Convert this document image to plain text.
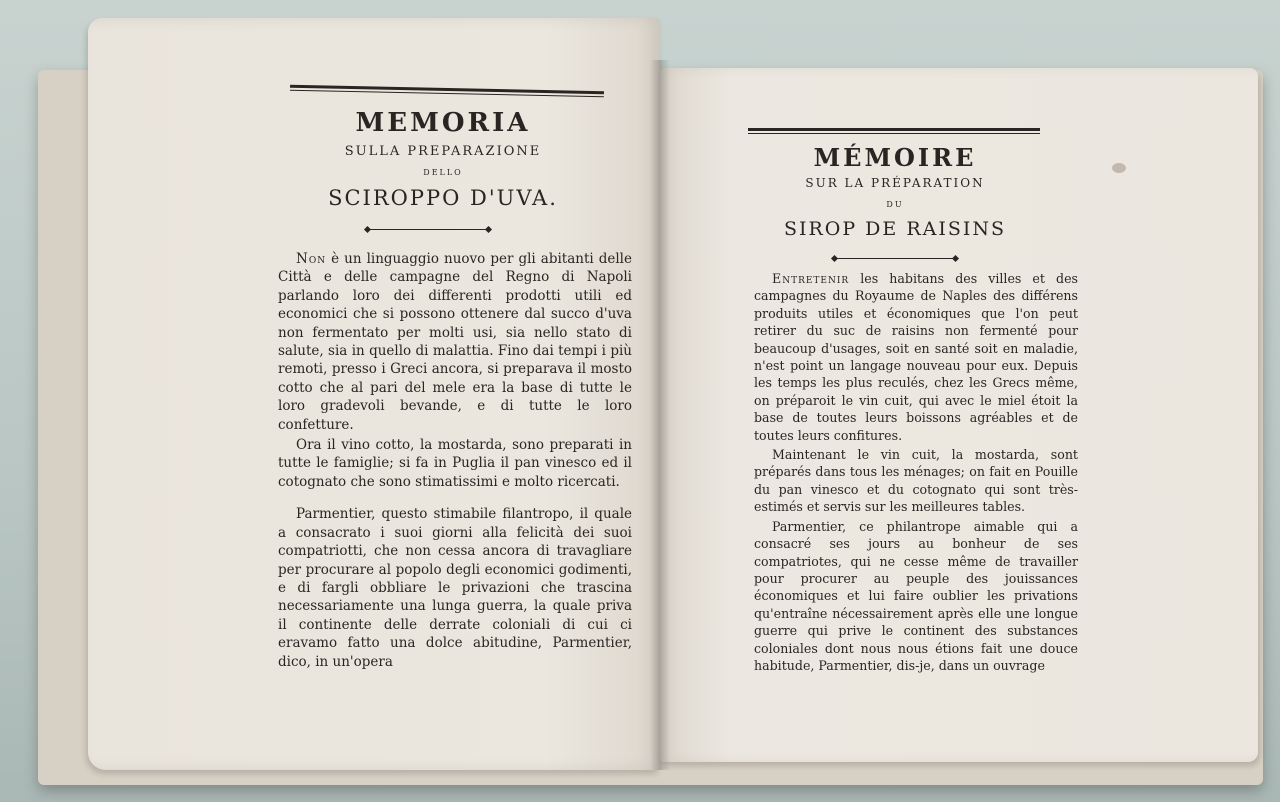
MEMORIA
SULLA PREPARAZIONE
DELLO
SCIROPPO D'UVA.

Non è un linguaggio nuovo per gli abitanti delle Città e delle campagne del Regno di Napoli parlando loro dei differenti prodotti utili ed economici che si possono ottenere dal succo d'uva non fermentato per molti usi, sia nello stato di salute, sia in quello di malattia. Fino dai tempi i più remoti, presso i Greci ancora, si preparava il mosto cotto che al pari del mele era la base di tutte le loro gradevoli bevande, e di tutte le loro confetture.

Ora il vino cotto, la mostarda, sono preparati in tutte le famiglie; si fa in Puglia il pan vinesco ed il cotognato che sono stimatissimi e molto ricercati.

Parmentier, questo stimabile filantropo, il quale a consacrato i suoi giorni alla felicità dei suoi compatriotti, che non cessa ancora di travagliare per procurare al popolo degli economici godimenti, e di fargli obbliare le privazioni che trascina necessariamente una lunga guerra, la quale priva il continente delle derrate coloniali di cui ci eravamo fatto una dolce abitudine, Parmentier, dico, in un'opera

MÉMOIRE
SUR LA PRÉPARATION
DU
SIROP DE RAISINS

Entretenir les habitans des villes et des campagnes du Royaume de Naples des différens produits utiles et économiques que l'on peut retirer du suc de raisins non fermenté pour beaucoup d'usages, soit en santé soit en maladie, n'est point un langage nouveau pour eux. Depuis les temps les plus reculés, chez les Grecs même, on préparoit le vin cuit, qui avec le miel étoit la base de toutes leurs boissons agréables et de toutes leurs confitures.

Maintenant le vin cuit, la mostarda, sont préparés dans tous les ménages; on fait en Pouille du pan vinesco et du cotognato qui sont très-estimés et servis sur les meilleures tables.

Parmentier, ce philantrope aimable qui a consacré ses jours au bonheur de ses compatriotes, qui ne cesse même de travailler pour procurer au peuple des jouissances économiques et lui faire oublier les privations qu'entraîne nécessairement après elle une longue guerre qui prive le continent des substances coloniales dont nous nous étions fait une douce habitude, Parmentier, dis-je, dans un ouvrage
